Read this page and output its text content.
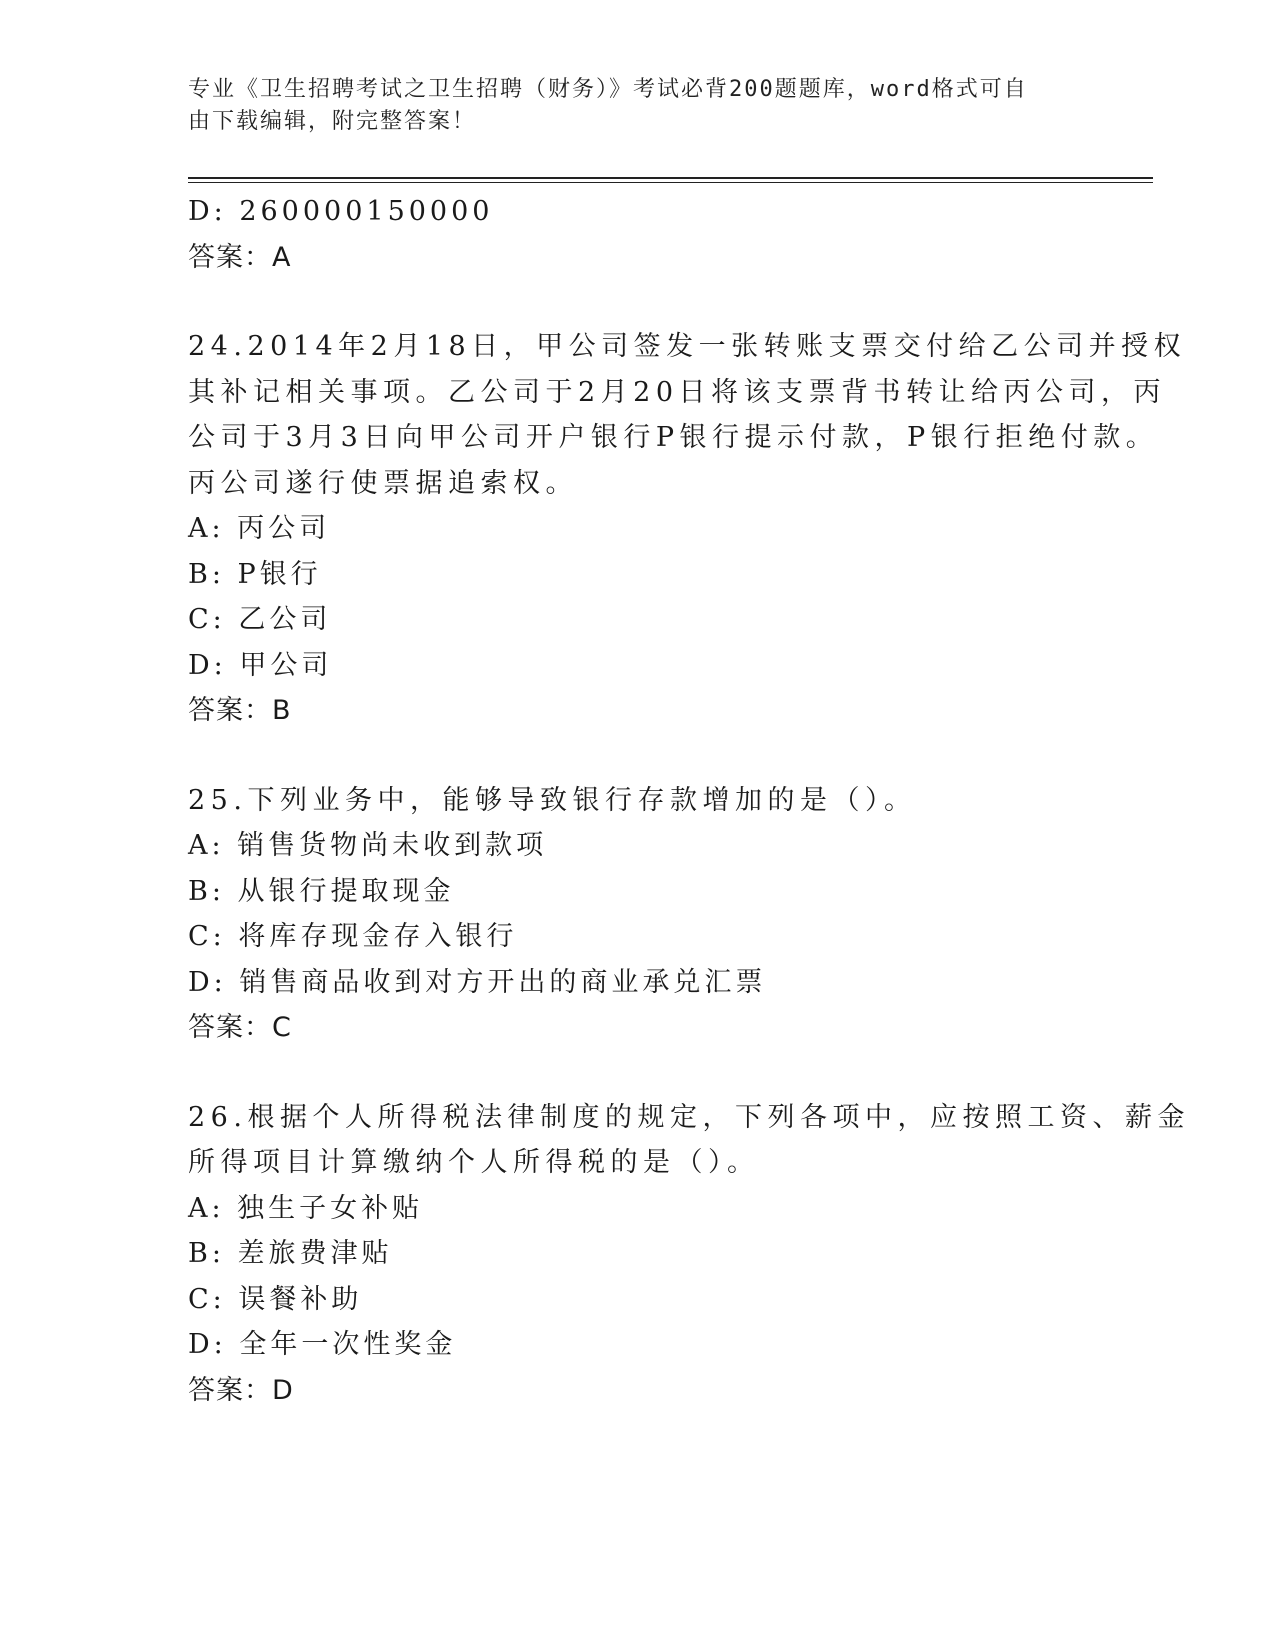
专业《卫生招聘考试之卫生招聘（财务）》考试必背200题题库，word格式可自
由下载编辑，附完整答案！
D: 260000150000
答案：A
24.2014年2月18日，甲公司签发一张转账支票交付给乙公司并授权
其补记相关事项。乙公司于2月20日将该支票背书转让给丙公司，丙
公司于3月3日向甲公司开户银行P银行提示付款，P银行拒绝付款。
丙公司遂行使票据追索权。
A: 丙公司
B: P银行
C: 乙公司
D: 甲公司
答案：B
25.下列业务中，能够导致银行存款增加的是（）。
A: 销售货物尚未收到款项
B: 从银行提取现金
C: 将库存现金存入银行
D: 销售商品收到对方开出的商业承兑汇票
答案：C
26.根据个人所得税法律制度的规定，下列各项中，应按照工资、薪金
所得项目计算缴纳个人所得税的是（）。
A: 独生子女补贴
B: 差旅费津贴
C: 误餐补助
D: 全年一次性奖金
答案：D
